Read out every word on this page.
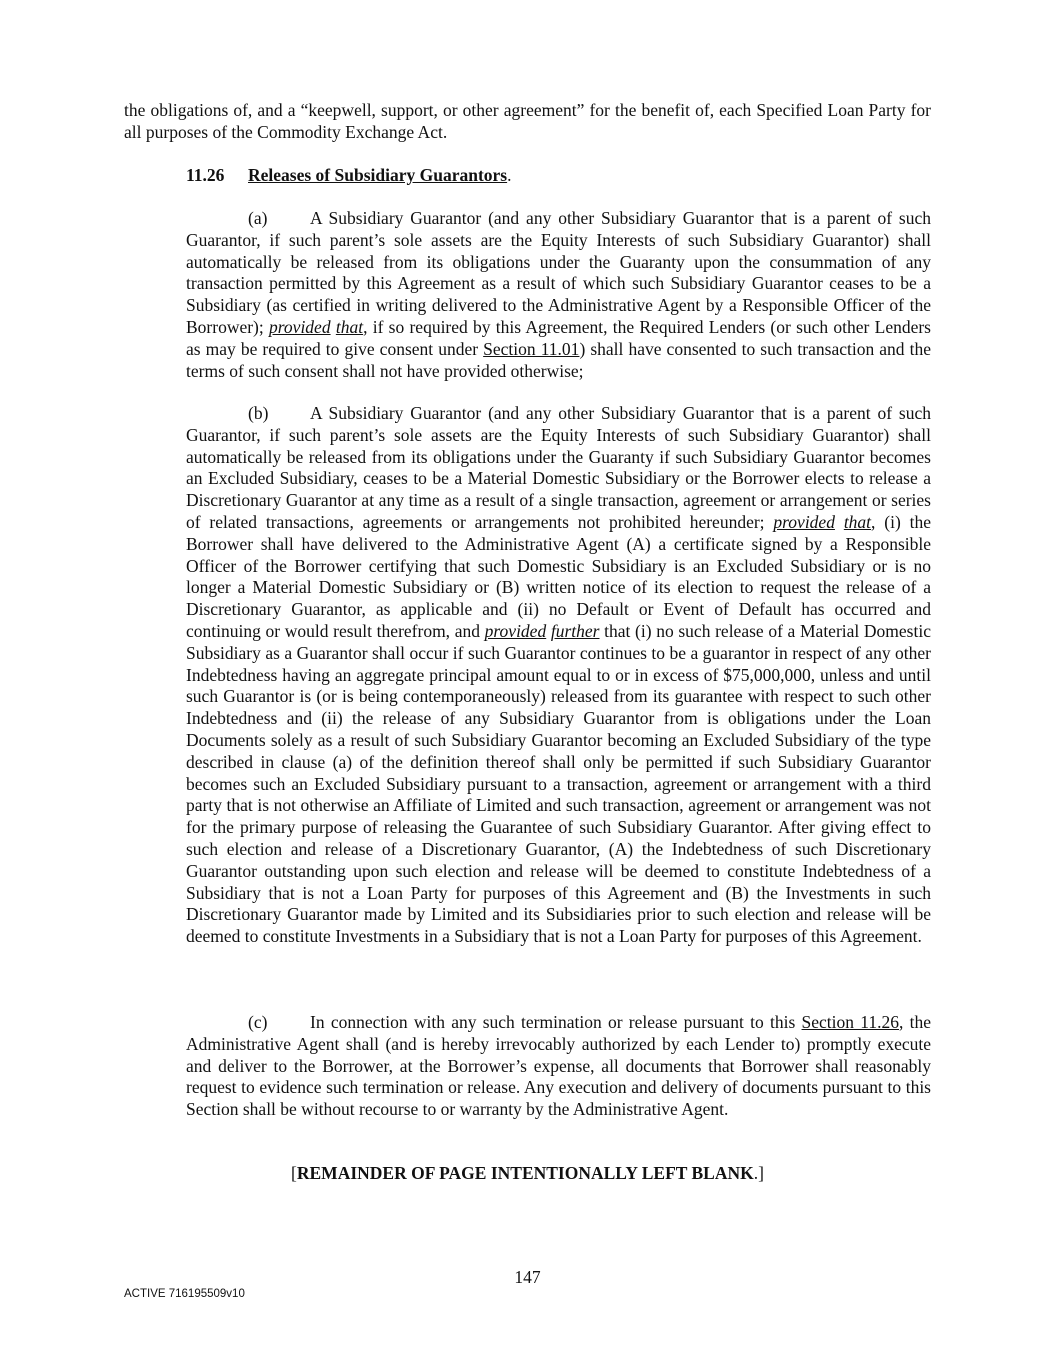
the obligations of, and a “keepwell, support, or other agreement” for the benefit of, each Specified Loan Party for all purposes of the Commodity Exchange Act.

11.26 Releases of Subsidiary Guarantors.

(a) A Subsidiary Guarantor (and any other Subsidiary Guarantor that is a parent of such Guarantor, if such parent’s sole assets are the Equity Interests of such Subsidiary Guarantor) shall automatically be released from its obligations under the Guaranty upon the consummation of any transaction permitted by this Agreement as a result of which such Subsidiary Guarantor ceases to be a Subsidiary (as certified in writing delivered to the Administrative Agent by a Responsible Officer of the Borrower); provided that, if so required by this Agreement, the Required Lenders (or such other Lenders as may be required to give consent under Section 11.01) shall have consented to such transaction and the terms of such consent shall not have provided otherwise;

(b) A Subsidiary Guarantor (and any other Subsidiary Guarantor that is a parent of such Guarantor, if such parent’s sole assets are the Equity Interests of such Subsidiary Guarantor) shall automatically be released from its obligations under the Guaranty if such Subsidiary Guarantor becomes an Excluded Subsidiary, ceases to be a Material Domestic Subsidiary or the Borrower elects to release a Discretionary Guarantor at any time as a result of a single transaction, agreement or arrangement or series of related transactions, agreements or arrangements not prohibited hereunder; provided that, (i) the Borrower shall have delivered to the Administrative Agent (A) a certificate signed by a Responsible Officer of the Borrower certifying that such Domestic Subsidiary is an Excluded Subsidiary or is no longer a Material Domestic Subsidiary or (B) written notice of its election to request the release of a Discretionary Guarantor, as applicable and (ii) no Default or Event of Default has occurred and continuing or would result therefrom, and provided further that (i) no such release of a Material Domestic Subsidiary as a Guarantor shall occur if such Guarantor continues to be a guarantor in respect of any other Indebtedness having an aggregate principal amount equal to or in excess of $75,000,000, unless and until such Guarantor is (or is being contemporaneously) released from its guarantee with respect to such other Indebtedness and (ii) the release of any Subsidiary Guarantor from is obligations under the Loan Documents solely as a result of such Subsidiary Guarantor becoming an Excluded Subsidiary of the type described in clause (a) of the definition thereof shall only be permitted if such Subsidiary Guarantor becomes such an Excluded Subsidiary pursuant to a transaction, agreement or arrangement with a third party that is not otherwise an Affiliate of Limited and such transaction, agreement or arrangement was not for the primary purpose of releasing the Guarantee of such Subsidiary Guarantor. After giving effect to such election and release of a Discretionary Guarantor, (A) the Indebtedness of such Discretionary Guarantor outstanding upon such election and release will be deemed to constitute Indebtedness of a Subsidiary that is not a Loan Party for purposes of this Agreement and (B) the Investments in such Discretionary Guarantor made by Limited and its Subsidiaries prior to such election and release will be deemed to constitute Investments in a Subsidiary that is not a Loan Party for purposes of this Agreement.

(c) In connection with any such termination or release pursuant to this Section 11.26, the Administrative Agent shall (and is hereby irrevocably authorized by each Lender to) promptly execute and deliver to the Borrower, at the Borrower’s expense, all documents that Borrower shall reasonably request to evidence such termination or release. Any execution and delivery of documents pursuant to this Section shall be without recourse to or warranty by the Administrative Agent.

[REMAINDER OF PAGE INTENTIONALLY LEFT BLANK.]

147

ACTIVE 716195509v10
